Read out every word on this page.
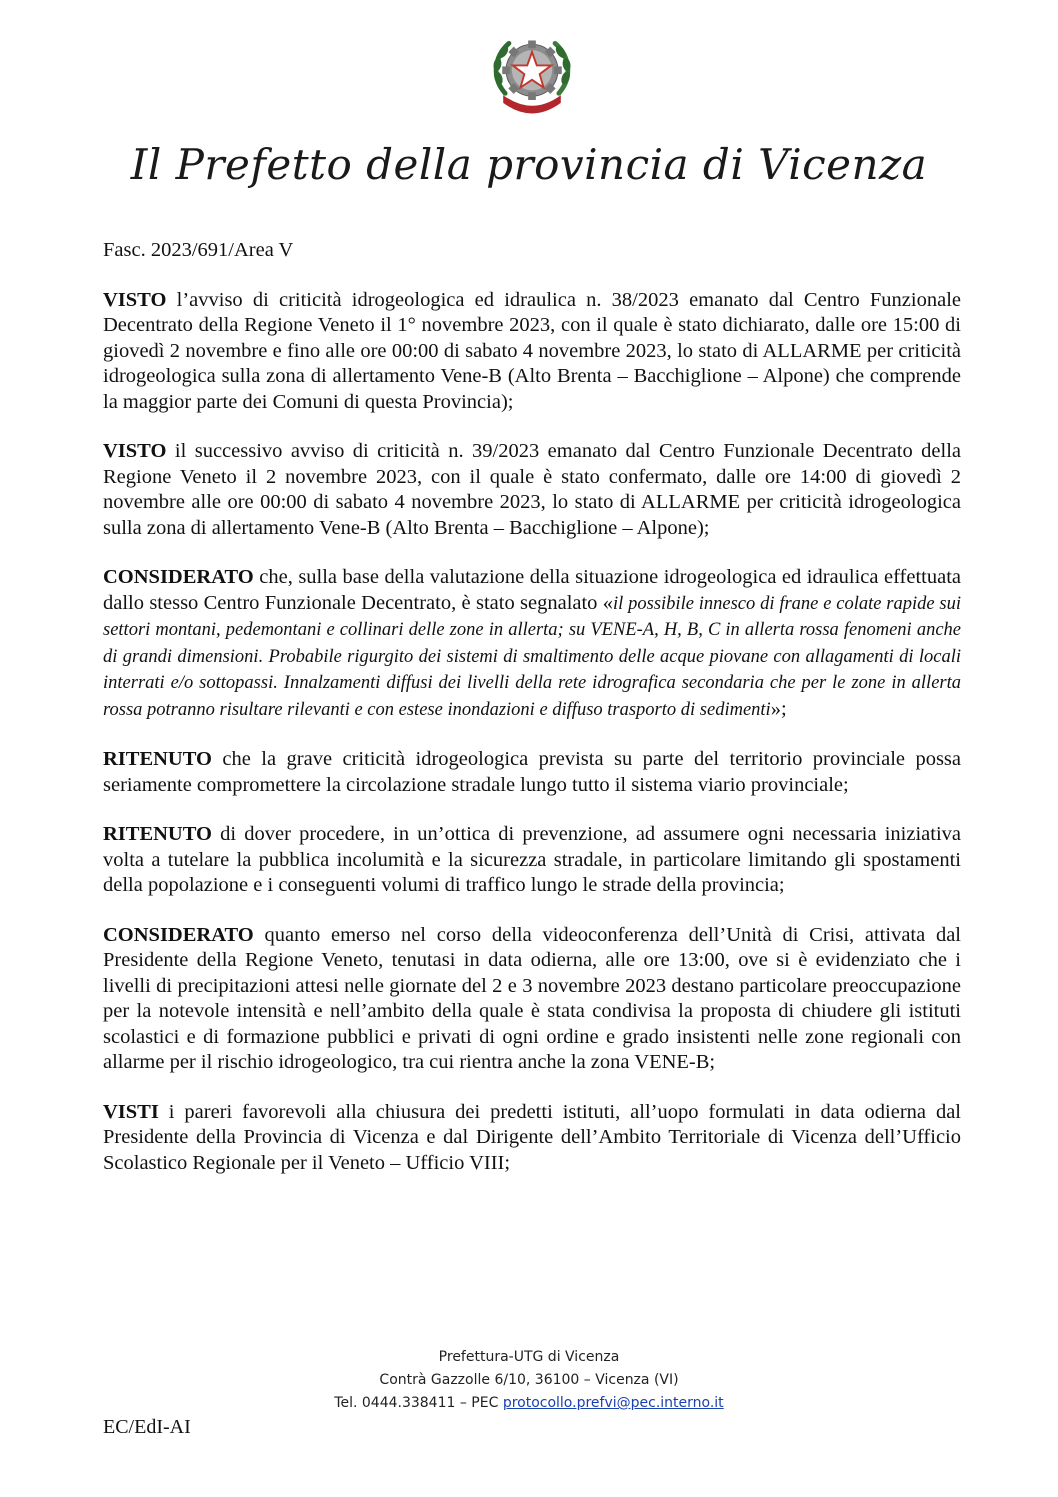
Il Prefetto della provincia di Vicenza

Fasc. 2023/691/Area V

VISTO l’avviso di criticità idrogeologica ed idraulica n. 38/2023 emanato dal Centro Funzionale Decentrato della Regione Veneto il 1° novembre 2023, con il quale è stato dichiarato, dalle ore 15:00 di giovedì 2 novembre e fino alle ore 00:00 di sabato 4 novembre 2023, lo stato di ALLARME per criticità idrogeologica sulla zona di allertamento Vene-B (Alto Brenta – Bacchiglione – Alpone) che comprende la maggior parte dei Comuni di questa Provincia);

VISTO il successivo avviso di criticità n. 39/2023 emanato dal Centro Funzionale Decentrato della Regione Veneto il 2 novembre 2023, con il quale è stato confermato, dalle ore 14:00 di giovedì 2 novembre alle ore 00:00 di sabato 4 novembre 2023, lo stato di ALLARME per criticità idrogeologica sulla zona di allertamento Vene-B (Alto Brenta – Bacchiglione – Alpone);

CONSIDERATO che, sulla base della valutazione della situazione idrogeologica ed idraulica effettuata dallo stesso Centro Funzionale Decentrato, è stato segnalato «il possibile innesco di frane e colate rapide sui settori montani, pedemontani e collinari delle zone in allerta; su VENE-A, H, B, C in allerta rossa fenomeni anche di grandi dimensioni. Probabile rigurgito dei sistemi di smaltimento delle acque piovane con allagamenti di locali interrati e/o sottopassi. Innalzamenti diffusi dei livelli della rete idrografica secondaria che per le zone in allerta rossa potranno risultare rilevanti e con estese inondazioni e diffuso trasporto di sedimenti»;

RITENUTO che la grave criticità idrogeologica prevista su parte del territorio provinciale possa seriamente compromettere la circolazione stradale lungo tutto il sistema viario provinciale;

RITENUTO di dover procedere, in un’ottica di prevenzione, ad assumere ogni necessaria iniziativa volta a tutelare la pubblica incolumità e la sicurezza stradale, in particolare limitando gli spostamenti della popolazione e i conseguenti volumi di traffico lungo le strade della provincia;

CONSIDERATO quanto emerso nel corso della videoconferenza dell’Unità di Crisi, attivata dal Presidente della Regione Veneto, tenutasi in data odierna, alle ore 13:00, ove si è evidenziato che i livelli di precipitazioni attesi nelle giornate del 2 e 3 novembre 2023 destano particolare preoccupazione per la notevole intensità e nell’ambito della quale è stata condivisa la proposta di chiudere gli istituti scolastici e di formazione pubblici e privati di ogni ordine e grado insistenti nelle zone regionali con allarme per il rischio idrogeologico, tra cui rientra anche la zona VENE-B;

VISTI i pareri favorevoli alla chiusura dei predetti istituti, all’uopo formulati in data odierna dal Presidente della Provincia di Vicenza e dal Dirigente dell’Ambito Territoriale di Vicenza dell’Ufficio Scolastico Regionale per il Veneto – Ufficio VIII;

Prefettura-UTG di Vicenza
Contrà Gazzolle 6/10, 36100 – Vicenza (VI)
Tel. 0444.338411 – PEC protocollo.prefvi@pec.interno.it
EC/EdI-AI
